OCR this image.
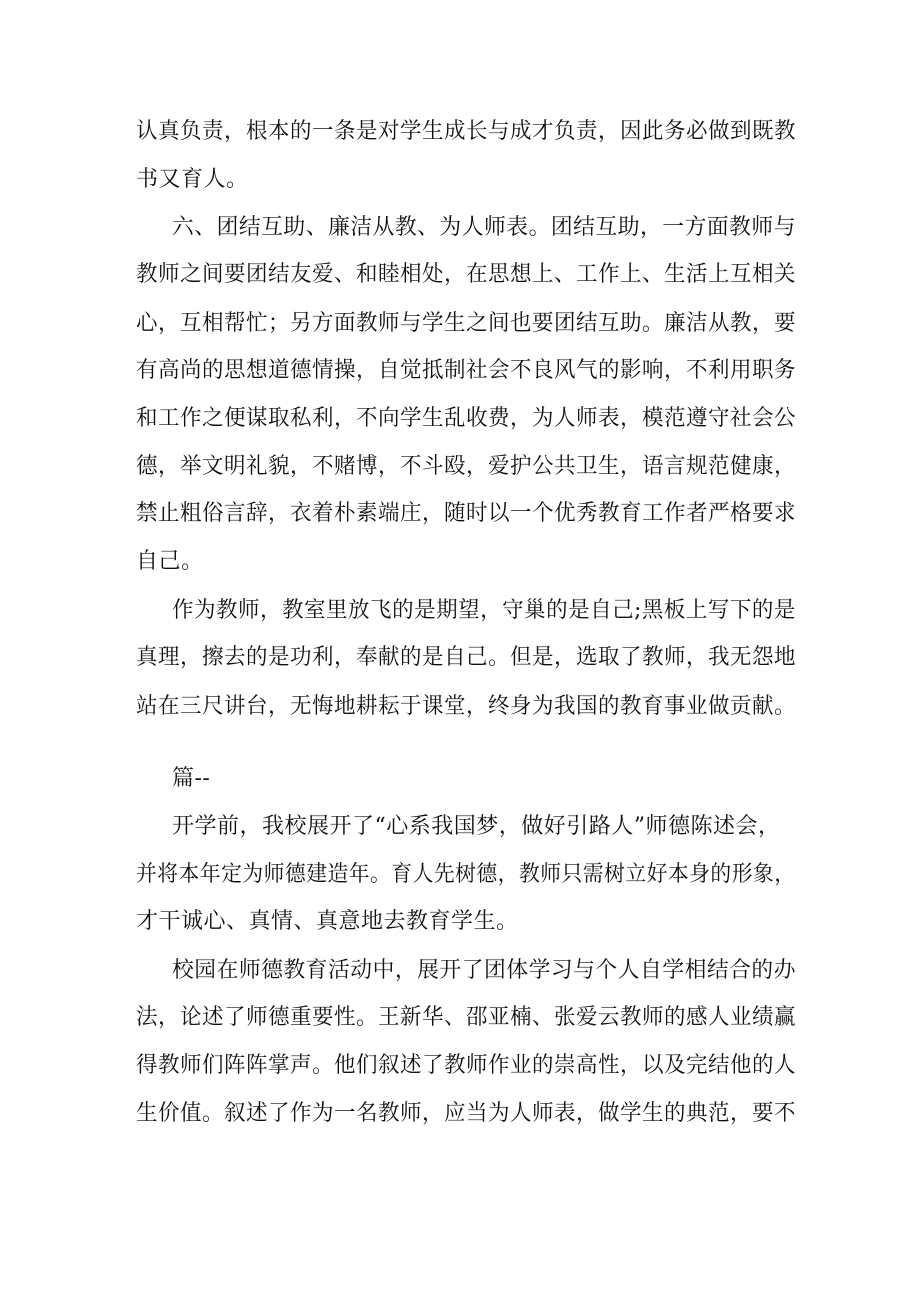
认真负责，根本的一条是对学生成长与成才负责，因此务必做到既教
书又育人。
六、团结互助、廉洁从教、为人师表。团结互助，一方面教师与
教师之间要团结友爱、和睦相处，在思想上、工作上、生活上互相关
心，互相帮忙；另方面教师与学生之间也要团结互助。廉洁从教，要
有高尚的思想道德情操，自觉抵制社会不良风气的影响，不利用职务
和工作之便谋取私利，不向学生乱收费，为人师表，模范遵守社会公
德，举文明礼貌，不赌博，不斗殴，爱护公共卫生，语言规范健康，
禁止粗俗言辞，衣着朴素端庄，随时以一个优秀教育工作者严格要求
自己。
作为教师，教室里放飞的是期望，守巢的是自己;黑板上写下的是
真理，擦去的是功利，奉献的是自己。但是，选取了教师，我无怨地
站在三尺讲台，无悔地耕耘于课堂，终身为我国的教育事业做贡献。
篇--
开学前，我校展开了“心系我国梦，做好引路人”师德陈述会，
并将本年定为师德建造年。育人先树德，教师只需树立好本身的形象，
才干诚心、真情、真意地去教育学生。
校园在师德教育活动中，展开了团体学习与个人自学相结合的办
法，论述了师德重要性。王新华、邵亚楠、张爱云教师的感人业绩赢
得教师们阵阵掌声。他们叙述了教师作业的崇高性，以及完结他的人
生价值。叙述了作为一名教师，应当为人师表，做学生的典范，要不
